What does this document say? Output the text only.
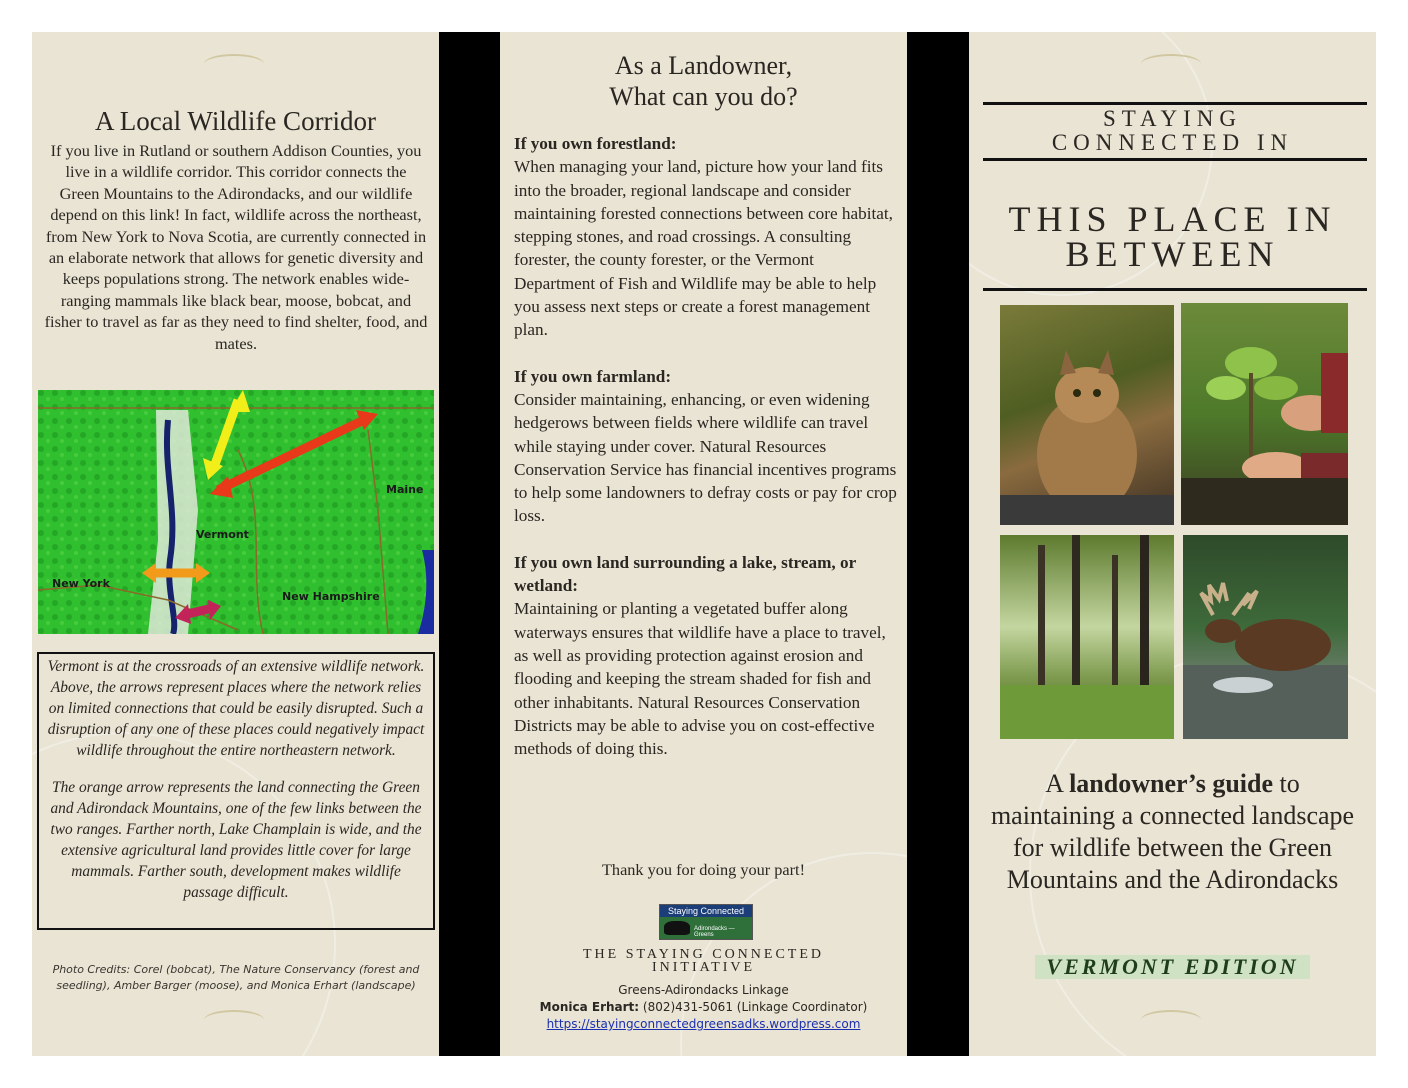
A Local Wildlife Corridor
If you live in Rutland or southern Addison Counties, you live in a wildlife corridor. This corridor connects the Green Mountains to the Adirondacks, and our wildlife depend on this link! In fact, wildlife across the northeast, from New York to Nova Scotia, are currently connected in an elaborate network that allows for genetic diversity and keeps populations strong. The network enables wide-ranging mammals like black bear, moose, bobcat, and fisher to travel as far as they need to find shelter, food, and mates.
Maine
Vermont
New York
New Hampshire

Vermont is at the crossroads of an extensive wildlife network. Above, the arrows represent places where the network relies on limited connections that could be easily disrupted. Such a disruption of any one of these places could negatively impact wildlife throughout the entire northeastern network.

The orange arrow represents the land connecting the Green and Adirondack Mountains, one of the few links between the two ranges. Farther north, Lake Champlain is wide, and the extensive agricultural land provides little cover for large mammals. Farther south, development makes wildlife passage difficult.

Photo Credits: Corel (bobcat), The Nature Conservancy (forest and seedling), Amber Barger (moose), and Monica Erhart (landscape)
As a Landowner,
What can you do?

If you own forestland:
When managing your land, picture how your land fits into the broader, regional landscape and consider maintaining forested connections between core habitat, stepping stones, and road crossings. A consulting forester, the county forester, or the Vermont Department of Fish and Wildlife may be able to help you assess next steps or create a forest management plan.

If you own farmland:
Consider maintaining, enhancing, or even widening hedgerows between fields where wildlife can travel while staying under cover. Natural Resources Conservation Service has financial incentives programs to help some landowners to defray costs or pay for crop loss.

If you own land surrounding a lake, stream, or wetland:
Maintaining or planting a vegetated buffer along waterways ensures that wildlife have a place to travel, as well as providing protection against erosion and flooding and keeping the stream shaded for fish and other inhabitants. Natural Resources Conservation Districts may be able to advise you on cost-effective methods of doing this.

Thank you for doing your part!
Staying Connected
Adirondacks — Greens
THE STAYING CONNECTED
INITIATIVE
Greens-Adirondacks Linkage
Monica Erhart: (802)431-5061 (Linkage Coordinator)
https://stayingconnectedgreensadks.wordpress.com
STAYING
CONNECTED IN
THIS PLACE IN
BETWEEN
A landowner’s guide to maintaining a connected landscape for wildlife between the Green Mountains and the Adirondacks
VERMONT EDITION
